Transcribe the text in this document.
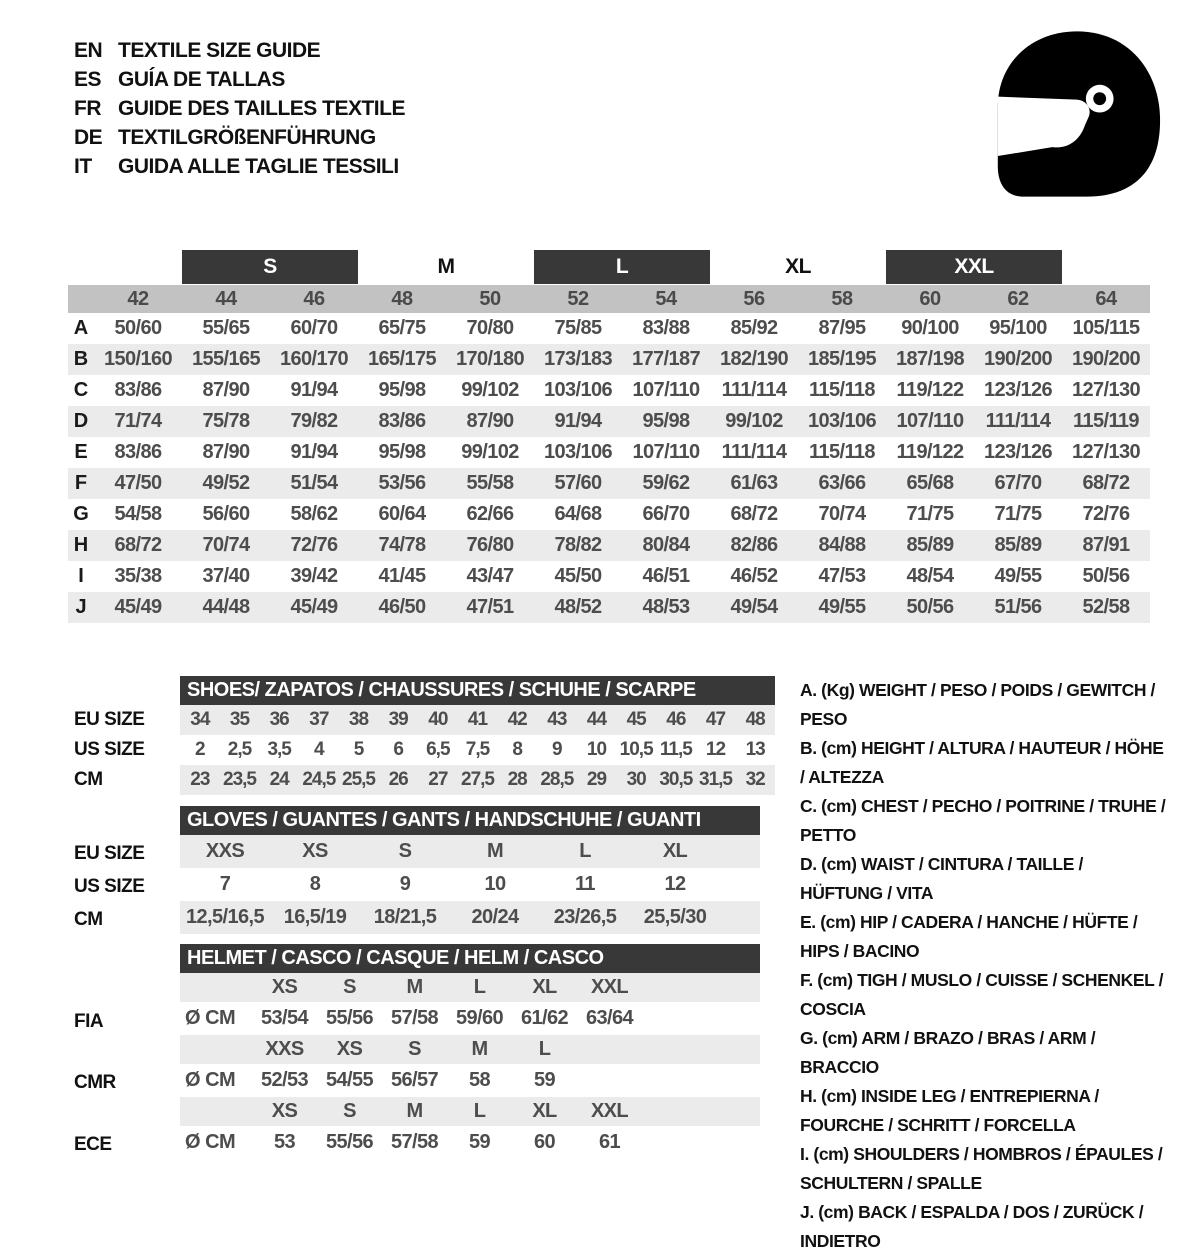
EN TEXTILE SIZE GUIDE
ES GUÍA DE TALLAS
FR GUIDE DES TAILLES TEXTILE
DE TEXTILGRÖßENFÜHRUNG
IT	GUIDA ALLE TAGLIE TESSILI
S	M	L	XL	XXL
42	44	46	48	50	52	54	56	58	60	62	64
A	50/60	55/65	60/70	65/75	70/80	75/85	83/88	85/92	87/95	90/100	95/100	105/115
B 150/160 155/165 160/170 165/175 170/180 173/183 177/187 182/190 185/195 187/198 190/200 190/200
C	83/86	87/90	91/94	95/98	99/102	103/106	107/110	111/114	115/118	119/122	123/126 127/130
D	71/74	75/78	79/82	83/86	87/90	91/94	95/98	99/102	103/106	107/110	111/114	115/119
E	83/86	87/90	91/94	95/98	99/102	103/106	107/110	111/114	115/118	119/122	123/126 127/130
F	47/50	49/52	51/54	53/56	55/58	57/60	59/62	61/63	63/66	65/68	67/70	68/72
G	54/58	56/60	58/62	60/64	62/66	64/68	66/70	68/72	70/74	71/75	71/75	72/76
H	68/72	70/74	72/76	74/78	76/80	78/82	80/84	82/86	84/88	85/89	85/89	87/91
I	35/38	37/40	39/42	41/45	43/47	45/50	46/51	46/52	47/53	48/54	49/55	50/56
J	45/49	44/48	45/49	46/50	47/51	48/52	48/53	49/54	49/55	50/56	51/56	52/58
SHOES/ ZAPATOS / CHAUSSURES / SCHUHE / SCARPE
34	35	36	37	38	39	40	41	42	43	44	45	46	47	48
2	2,5 3,5	4	5	6	6,5 7,5	8	9	10 10,5 11,5 12	13
23 23,5 24 24,5 25,5 26	27 27,5 28 28,5 29	30 30,5 31,5 32
EU SIZE
US SIZE
CM
GLOVES / GUANTES / GANTS / HANDSCHUHE / GUANTI
XXS	XS	S	M	L	XL
7	8	9	10	11	12
12,5/16,5 16,5/19	18/21,5	20/24	23/26,5	25,5/30
EU SIZE
US SIZE
CM
HELMET / CASCO / CASQUE / HELM / CASCO
XS	S	M	L	XL	XXL
Ø CM	53/54 55/56 57/58 59/60 61/62 63/64
XXS	XS	S	M	L
Ø CM	52/53 54/55 56/57	58	59
XS	S	M	L	XL	XXL
Ø CM	53	55/56 57/58	59	60	61
FIA
CMR
ECE
A. (Kg) WEIGHT / PESO / POIDS / GEWITCH / PESO
B. (cm) HEIGHT / ALTURA / HAUTEUR / HÖHE / ALTEZZA
C. (cm) CHEST / PECHO / POITRINE / TRUHE / PETTO
D. (cm) WAIST / CINTURA / TAILLE / HÜFTUNG / VITA
E. (cm) HIP / CADERA / HANCHE / HÜFTE / HIPS / BACINO
F. (cm) TIGH / MUSLO / CUISSE / SCHENKEL / COSCIA
G. (cm) ARM / BRAZO / BRAS / ARM / BRACCIO
H. (cm) INSIDE LEG / ENTREPIERNA / FOURCHE / SCHRITT / FORCELLA
I. (cm) SHOULDERS / HOMBROS / ÉPAULES / SCHULTERN / SPALLE
J. (cm) BACK / ESPALDA / DOS / ZURÜCK / INDIETRO
